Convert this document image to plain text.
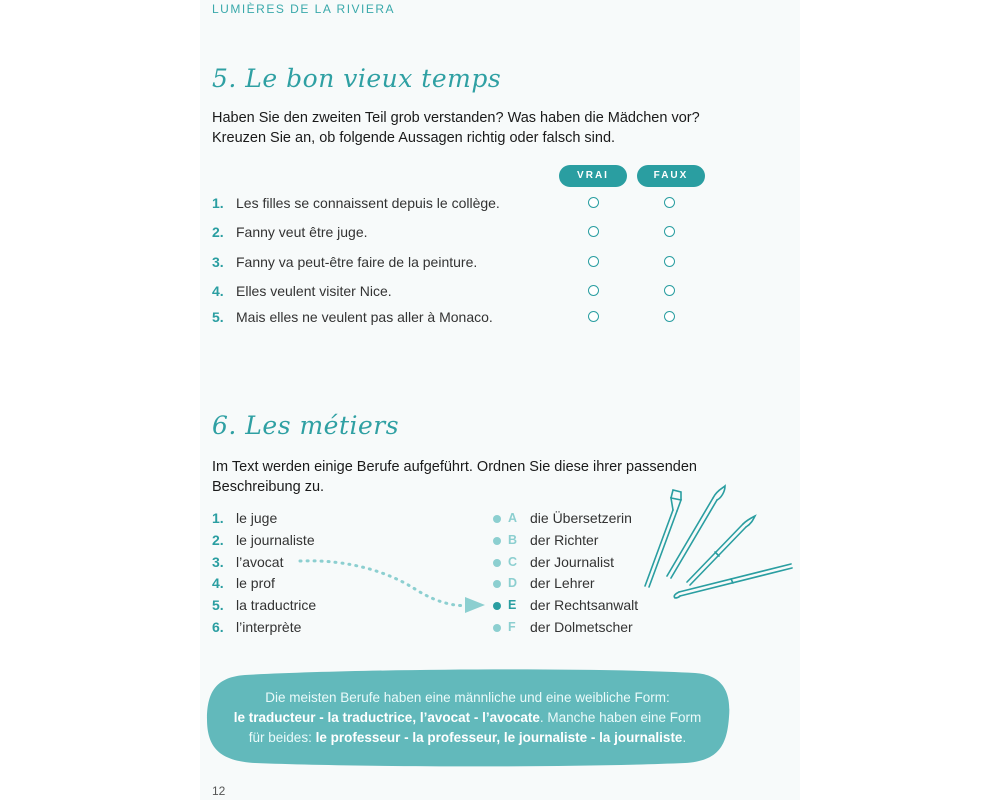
LUMIÈRES DE LA RIVIERA
5. Le bon vieux temps
Haben Sie den zweiten Teil grob verstanden? Was haben die Mädchen vor?
Kreuzen Sie an, ob folgende Aussagen richtig oder falsch sind.
VRAI	FAUX
1. Les filles se connaissent depuis le collège.
2. Fanny veut être juge.
3. Fanny va peut-être faire de la peinture.
4. Elles veulent visiter Nice.
5. Mais elles ne veulent pas aller à Monaco.
6. Les métiers
Im Text werden einige Berufe aufgeführt. Ordnen Sie diese ihrer passenden
Beschreibung zu.
1. le juge
2. le journaliste
3. l’avocat
4. le prof
5. la traductrice
6. l’interprète
A die Übersetzerin
B der Richter
C der Journalist
D der Lehrer
E der Rechtsanwalt
F der Dolmetscher
Die meisten Berufe haben eine männliche und eine weibliche Form:
le traducteur - la traductrice, l’avocat - l’avocate. Manche haben eine Form
für beides: le professeur - la professeur, le journaliste - la journaliste.
12
